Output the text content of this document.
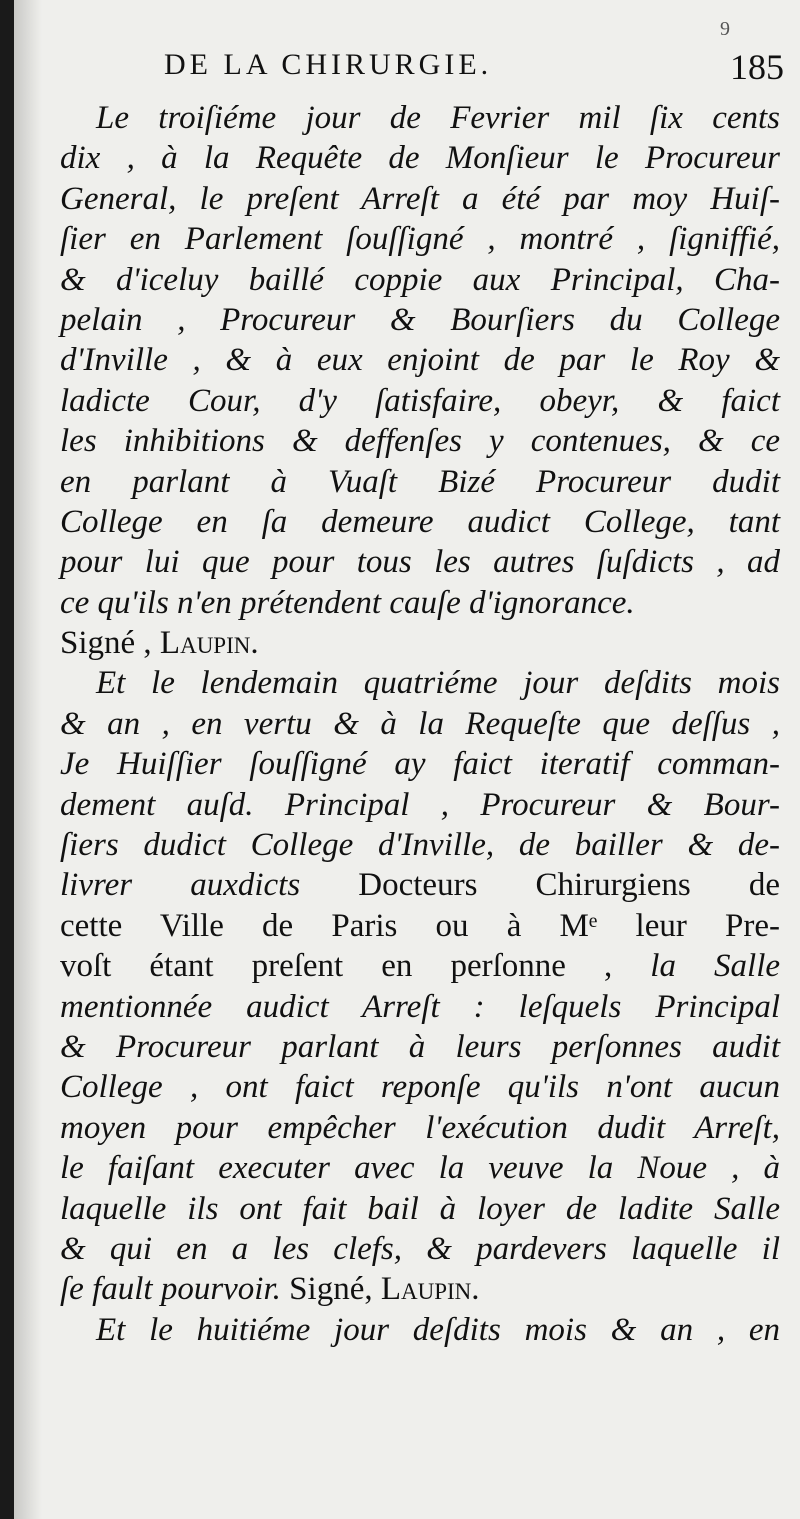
9
DE LA CHIRURGIE.	185
Le troiſiéme jour de Fevrier mil ſix cents
dix , à la Requête de Monſieur le Procureur
General, le preſent Arreſt a été par moy Huiſ-
ſier en Parlement ſouſſigné , montré , ſigniffié,
& d'iceluy baillé coppie aux Principal, Cha-
pelain , Procureur & Bourſiers du College
d'Inville , & à eux enjoint de par le Roy &
ladicte Cour, d'y ſatisfaire, obeyr, & faict
les inhibitions & deffenſes y contenues, & ce
en parlant à Vuaſt Bizé Procureur dudit
College en ſa demeure audict College, tant
pour lui que pour tous les autres ſuſdicts , ad
ce qu'ils n'en prétendent cauſe d'ignorance.
Signé , Laupin.
Et le lendemain quatriéme jour deſdits mois
& an , en vertu & à la Requeſte que deſſus ,
Je Huiſſier ſouſſigné ay faict iteratif comman-
dement auſd. Principal , Procureur & Bour-
ſiers dudict College d'Inville, de bailler & de-
livrer auxdicts Docteurs Chirurgiens de
cette Ville de Paris ou à Mᵉ leur Pre-
voſt étant preſent en perſonne , la Salle
mentionnée audict Arreſt : leſquels Principal
& Procureur parlant à leurs perſonnes audit
College , ont faict reponſe qu'ils n'ont aucun
moyen pour empêcher l'exécution dudit Arreſt,
le faiſant executer avec la veuve la Noue , à
laquelle ils ont fait bail à loyer de ladite Salle
& qui en a les clefs, & pardevers laquelle il
ſe fault pourvoir. Signé, Laupin.
Et le huitiéme jour deſdits mois & an , en
